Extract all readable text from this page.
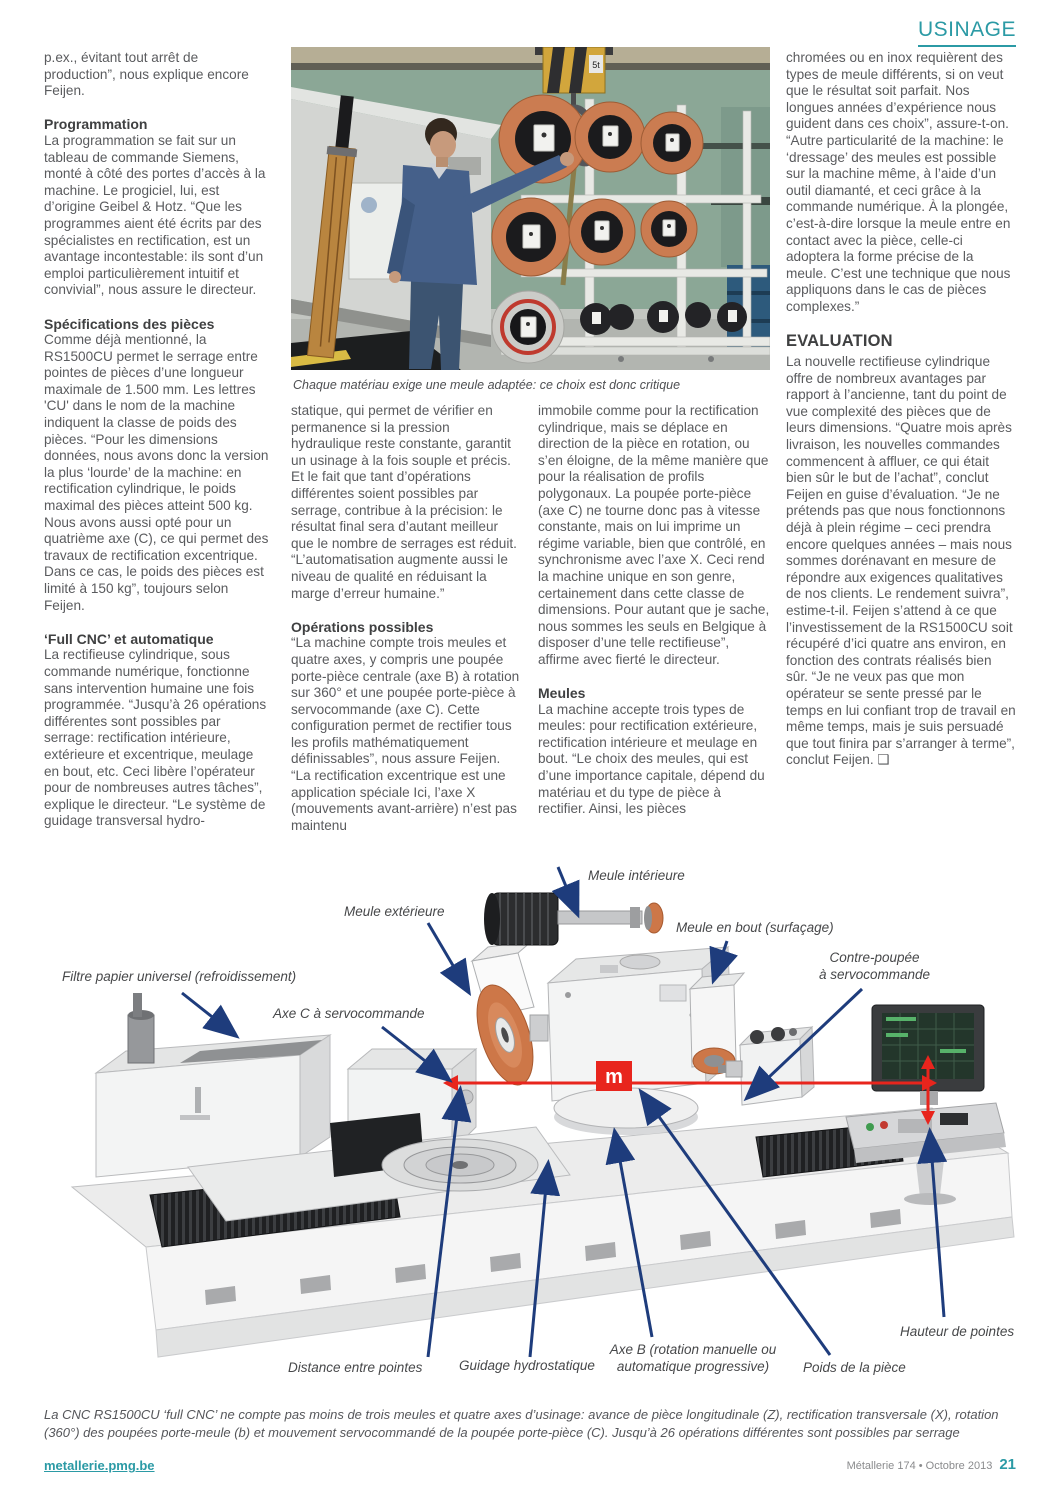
USINAGE

p.ex., évitant tout arrêt de production”, nous explique encore Feijen.

Programmation

La programmation se fait sur un tableau de commande Siemens, monté à côté des portes d’accès à la machine. Le progiciel, lui, est d’origine Geibel & Hotz. “Que les programmes aient été écrits par des spécialistes en rectification, est un avantage incontestable: ils sont d’un emploi particulièrement intuitif et convivial”, nous assure le directeur.

Spécifications des pièces

Comme déjà mentionné, la RS1500CU permet le serrage entre pointes de pièces d’une longueur maximale de 1.500 mm. Les lettres 'CU' dans le nom de la machine indiquent la classe de poids des pièces. “Pour les dimensions données, nous avons donc la version la plus ‘lourde’ de la machine: en rectification cylindrique, le poids maximal des pièces atteint 500 kg. Nous avons aussi opté pour un quatrième axe (C), ce qui permet des travaux de rectification excentrique. Dans ce cas, le poids des pièces est limité à 150 kg”, toujours selon Feijen.

‘Full CNC’ et automatique

La rectifieuse cylindrique, sous commande numérique, fonctionne sans intervention humaine une fois programmée. “Jusqu’à 26 opérations différentes sont possibles par serrage: rectification intérieure, extérieure et excentrique, meulage en bout, etc. Ceci libère l’opérateur pour de nombreuses autres tâches”, explique le directeur. “Le système de guidage transversal hydro-

5t
Chaque matériau exige une meule adaptée: ce choix est donc critique

statique, qui permet de vérifier en permanence si la pression hydraulique reste constante, garantit un usinage à la fois souple et précis. Et le fait que tant d’opérations différentes soient possibles par serrage, contribue à la précision: le résultat final sera d’autant meilleur que le nombre de serrages est réduit. “L’automatisation augmente aussi le niveau de qualité en réduisant la marge d’erreur humaine.”

Opérations possibles

“La machine compte trois meules et quatre axes, y compris une poupée porte-pièce centrale (axe B) à rotation sur 360° et une poupée porte-pièce à servocommande (axe C). Cette configuration permet de rectifier tous les profils mathématiquement définissables”, nous assure Feijen. “La rectification excentrique est une application spéciale Ici, l’axe X (mouvements avant-arrière) n’est pas maintenu

immobile comme pour la rectification cylindrique, mais se déplace en direction de la pièce en rotation, ou s’en éloigne, de la même manière que pour la réalisation de profils polygonaux. La poupée porte-pièce (axe C) ne tourne donc pas à vitesse constante, mais on lui imprime un régime variable, bien que contrôlé, en synchronisme avec l’axe X. Ceci rend la machine unique en son genre, certainement dans cette classe de dimensions. Pour autant que je sache, nous sommes les seuls en Belgique à disposer d’une telle rectifieuse”, affirme avec fierté le directeur.

Meules

La machine accepte trois types de meules: pour rectification extérieure, rectification intérieure et meulage en bout. “Le choix des meules, qui est d’une importance capitale, dépend du matériau et du type de pièce à rectifier. Ainsi, les pièces

chromées ou en inox requièrent des types de meule différents, si on veut que le résultat soit parfait. Nos longues années d’expérience nous guident dans ces choix”, assure-t-on. “Autre particularité de la machine: le ‘dressage’ des meules est possible sur la machine même, à l’aide d’un outil diamanté, et ceci grâce à la commande numérique. À la plongée, c’est-à-dire lorsque la meule entre en contact avec la pièce, celle-ci adoptera la forme précise de la meule. C’est une technique que nous appliquons dans le cas de pièces complexes.”

EVALUATION

La nouvelle rectifieuse cylindrique offre de nombreux avantages par rapport à l’ancienne, tant du point de vue complexité des pièces que de leurs dimensions. “Quatre mois après livraison, les nouvelles commandes commencent à affluer, ce qui était bien sûr le but de l’achat”, conclut Feijen en guise d’évaluation. “Je ne prétends pas que nous fonctionnons déjà à plein régime – ceci prendra encore quelques années – mais nous sommes dorénavant en mesure de répondre aux exigences qualitatives de nos clients. Le rendement suivra”, estime-t-il. Feijen s’attend à ce que l’investissement de la RS1500CU soit récupéré d’ici quatre ans environ, en fonction des contrats réalisés bien sûr. “Je ne veux pas que mon opérateur se sente pressé par le temps en lui confiant trop de travail en même temps, mais je suis persuadé que tout finira par s’arranger à terme”, conclut Feijen. ❑

m
Meule intérieure
Meule extérieure
Meule en bout (surfaçage)
Contre-poupée
à servocommande
Filtre papier universel (refroidissement)
Axe C à servocommande
Hauteur de pointes
Distance entre pointes	Guidage hydrostatique
Axe B (rotation manuelle ou
automatique progressive)	Poids de la pièce
La CNC RS1500CU ‘full CNC’ ne compte pas moins de trois meules et quatre axes d’usinage: avance de pièce longitudinale (Z), rectification transversale (X), rotation (360°) des poupées porte-meule (b) et mouvement servocommandé de la poupée porte-pièce (C). Jusqu’à 26 opérations différentes sont possibles par serrage
metallerie.pmg.be	Métallerie 174 • Octobre 2013 21
